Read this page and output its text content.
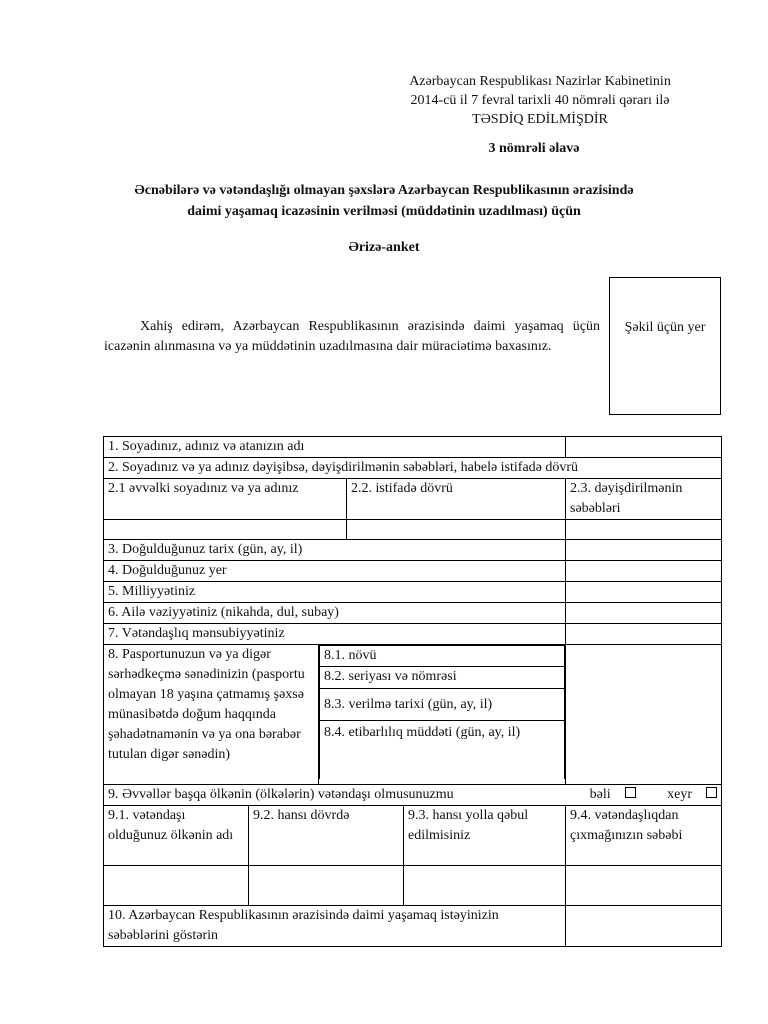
Azərbaycan Respublikası Nazirlər Kabinetinin
2014-cü il 7 fevral tarixli 40 nömrəli qərarı ilə
TƏSDİQ EDİLMİŞDİR
3 nömrəli əlavə
Əcnəbilərə və vətəndaşlığı olmayan şəxslərə Azərbaycan Respublikasının ərazisində
daimi yaşamaq icazəsinin verilməsi (müddətinin uzadılması) üçün
Ərizə-anket
Xahiş edirəm, Azərbaycan Respublikasının ərazisində daimi yaşamaq üçün icazənin alınmasına və ya müddətinin uzadılmasına dair müraciətimə baxasınız.
Şəkil üçün yer
1. Soyadınız, adınız və atanızın adı	
2. Soyadınız və ya adınız dəyişibsə, dəyişdirilmənin səbəbləri, habelə istifadə dövrü
2.1 əvvəlki soyadınız və ya adınız	2.2. istifadə dövrü	2.3. dəyişdirilmənin səbəbləri

3. Doğulduğunuz tarix (gün, ay, il)	
4. Doğulduğunuz yer	
5. Milliyyətiniz	
6. Ailə vəziyyətiniz (nikahda, dul, subay)	
7. Vətəndaşlıq mənsubiyyətiniz	
8. Pasportunuzun və ya digər sərhədkeçmə sənədinizin (pasportu olmayan 18 yaşına çatmamış şəxsə münasibətdə doğum haqqında şəhadətnamənin və ya ona bərabər tutulan digər sənədin)	
8.1. növü
8.2. seriyası və nömrəsi
8.3. verilmə tarixi (gün, ay, il)
8.4. etibarlılıq müddəti (gün, ay, il)

9. Əvvəllər başqa ölkənin (ölkələrin) vətəndaşı olmusunuzmu	bəli	xeyr

9.1. vətəndaşı olduğunuz ölkənin adı	9.2. hansı dövrdə	9.3. hansı yolla qəbul edilmisiniz	9.4. vətəndaşlıqdan çıxmağınızın səbəbi

10. Azərbaycan Respublikasının ərazisində daimi yaşamaq istəyinizin səbəblərini göstərin	
